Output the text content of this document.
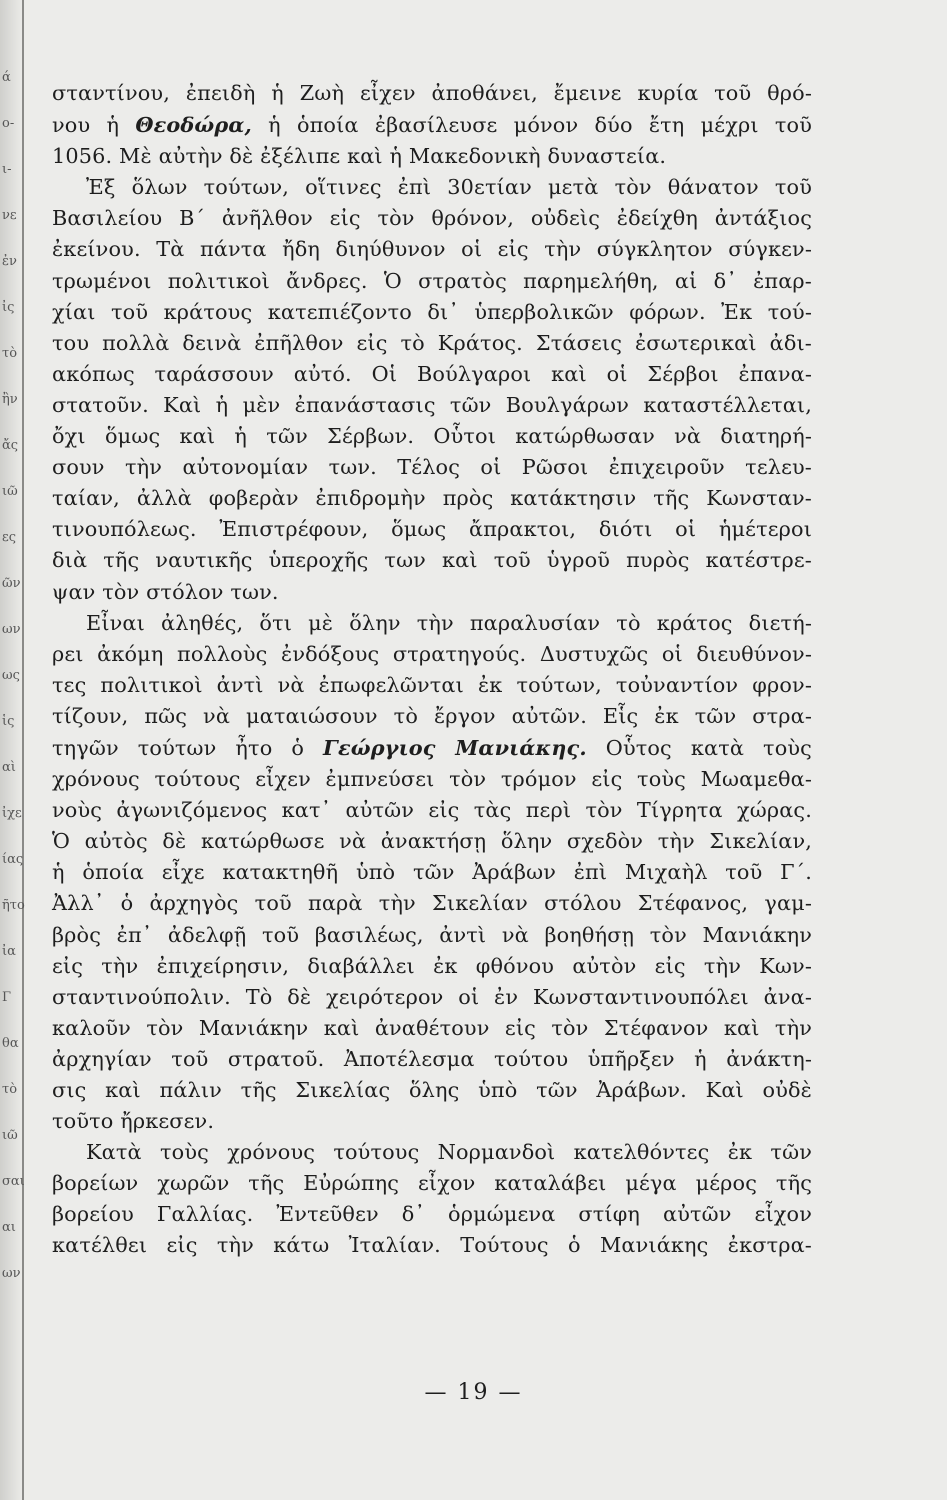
ά
ο-
ι-
νε
ἐν
ἰς
τὸ
ἢν
ἄς
ιῶ
ες
ῶν
ων
ως
ἱς
αὶ
ἰχε
ίας
ῆτο
ἰα
Γ
θα
τὸ
ιῶ
σαι
αι
ων
σταντίνου, ἐπειδὴ ἡ Ζωὴ εἶχεν ἀποθάνει, ἔμεινε κυρία τοῦ θρό-
νου ἡ Θεοδώρα, ἡ ὁποία ἐβασίλευσε μόνον δύο ἔτη μέχρι τοῦ
1056. Μὲ αὐτὴν δὲ ἐξέλιπε καὶ ἡ Μακεδονικὴ δυναστεία.
Ἐξ ὅλων τούτων, οἵτινες ἐπὶ 30ετίαν μετὰ τὸν θάνατον τοῦ
Βασιλείου Β΄ ἀνῆλθον εἰς τὸν θρόνον, οὐδεὶς ἐδείχθη ἀντάξιος
ἐκείνου. Τὰ πάντα ἤδη διηύθυνον οἱ εἰς τὴν σύγκλητον σύγκεν-
τρωμένοι πολιτικοὶ ἄνδρες. Ὁ στρατὸς παρημελήθη, αἱ δ᾿ ἐπαρ-
χίαι τοῦ κράτους κατεπιέζοντο δι᾿ ὑπερβολικῶν φόρων. Ἐκ τού-
του πολλὰ δεινὰ ἐπῆλθον εἰς τὸ Κράτος. Στάσεις ἐσωτερικαὶ ἀδι-
ακόπως ταράσσουν αὐτό. Οἱ Βούλγαροι καὶ οἱ Σέρβοι ἐπανα-
στατοῦν. Καὶ ἡ μὲν ἐπανάστασις τῶν Βουλγάρων καταστέλλεται,
ὄχι ὅμως καὶ ἡ τῶν Σέρβων. Οὗτοι κατώρθωσαν νὰ διατηρή-
σουν τὴν αὐτονομίαν των. Τέλος οἱ Ρῶσοι ἐπιχειροῦν τελευ-
ταίαν, ἀλλὰ φοβερὰν ἐπιδρομὴν πρὸς κατάκτησιν τῆς Κωνσταν-
τινουπόλεως. Ἐπιστρέφουν, ὅμως ἄπρακτοι, διότι οἱ ἡμέτεροι
διὰ τῆς ναυτικῆς ὑπεροχῆς των καὶ τοῦ ὑγροῦ πυρὸς κατέστρε-
ψαν τὸν στόλον των.
Εἶναι ἀληθές, ὅτι μὲ ὅλην τὴν παραλυσίαν τὸ κράτος διετή-
ρει ἀκόμη πολλοὺς ἐνδόξους στρατηγούς. Δυστυχῶς οἱ διευθύνον-
τες πολιτικοὶ ἀντὶ νὰ ἐπωφελῶνται ἐκ τούτων, τοὐναντίον φρον-
τίζουν, πῶς νὰ ματαιώσουν τὸ ἔργον αὐτῶν. Εἷς ἐκ τῶν στρα-
τηγῶν τούτων ἦτο ὁ Γεώργιος Μανιάκης. Οὗτος κατὰ τοὺς
χρόνους τούτους εἶχεν ἐμπνεύσει τὸν τρόμον εἰς τοὺς Μωαμεθα-
νοὺς ἀγωνιζόμενος κατ᾿ αὐτῶν εἰς τὰς περὶ τὸν Τίγρητα χώρας.
Ὁ αὐτὸς δὲ κατώρθωσε νὰ ἀνακτήσῃ ὅλην σχεδὸν τὴν Σικελίαν,
ἡ ὁποία εἶχε κατακτηθῆ ὑπὸ τῶν Ἀράβων ἐπὶ Μιχαὴλ τοῦ Γ΄.
Ἀλλ᾿ ὁ ἀρχηγὸς τοῦ παρὰ τὴν Σικελίαν στόλου Στέφανος, γαμ-
βρὸς ἐπ᾿ ἀδελφῇ τοῦ βασιλέως, ἀντὶ νὰ βοηθήσῃ τὸν Μανιάκην
εἰς τὴν ἐπιχείρησιν, διαβάλλει ἐκ φθόνου αὐτὸν εἰς τὴν Κων-
σταντινούπολιν. Τὸ δὲ χειρότερον οἱ ἐν Κωνσταντινουπόλει ἀνα-
καλοῦν τὸν Μανιάκην καὶ ἀναθέτουν εἰς τὸν Στέφανον καὶ τὴν
ἀρχηγίαν τοῦ στρατοῦ. Ἀποτέλεσμα τούτου ὑπῆρξεν ἡ ἀνάκτη-
σις καὶ πάλιν τῆς Σικελίας ὅλης ὑπὸ τῶν Ἀράβων. Καὶ οὐδὲ
τοῦτο ἤρκεσεν.
Κατὰ τοὺς χρόνους τούτους Νορμανδοὶ κατελθόντες ἐκ τῶν
βορείων χωρῶν τῆς Εὐρώπης εἶχον καταλάβει μέγα μέρος τῆς
βορείου Γαλλίας. Ἐντεῦθεν δ᾿ ὁρμώμενα στίφη αὐτῶν εἶχον
κατέλθει εἰς τὴν κάτω Ἰταλίαν. Τούτους ὁ Μανιάκης ἐκστρα-
— 19 —
